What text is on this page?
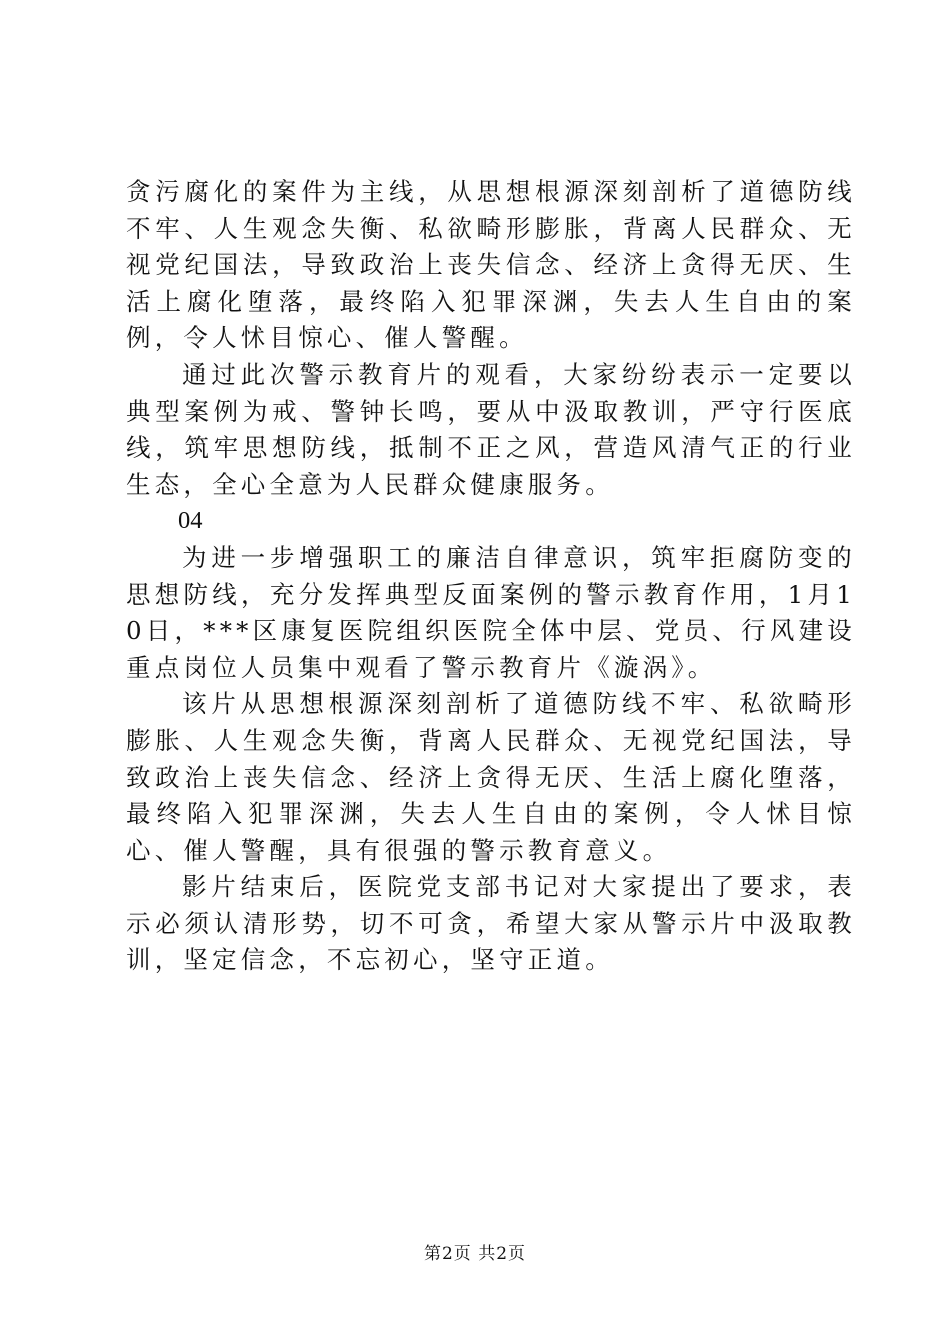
贪污腐化的案件为主线，从思想根源深刻剖析了道德防线不牢、人生观念失衡、私欲畸形膨胀，背离人民群众、无视党纪国法，导致政治上丧失信念、经济上贪得无厌、生活上腐化堕落，最终陷入犯罪深渊，失去人生自由的案例，令人怵目惊心、催人警醒。

通过此次警示教育片的观看，大家纷纷表示一定要以典型案例为戒、警钟长鸣，要从中汲取教训，严守行医底线，筑牢思想防线，抵制不正之风，营造风清气正的行业生态，全心全意为人民群众健康服务。

04

为进一步增强职工的廉洁自律意识，筑牢拒腐防变的思想防线，充分发挥典型反面案例的警示教育作用，1月10日，***区康复医院组织医院全体中层、党员、行风建设重点岗位人员集中观看了警示教育片《漩涡》。

该片从思想根源深刻剖析了道德防线不牢、私欲畸形膨胀、人生观念失衡，背离人民群众、无视党纪国法，导致政治上丧失信念、经济上贪得无厌、生活上腐化堕落，最终陷入犯罪深渊，失去人生自由的案例，令人怵目惊心、催人警醒，具有很强的警示教育意义。

影片结束后，医院党支部书记对大家提出了要求，表示必须认清形势，切不可贪，希望大家从警示片中汲取教训，坚定信念，不忘初心，坚守正道。

第2页 共2页
